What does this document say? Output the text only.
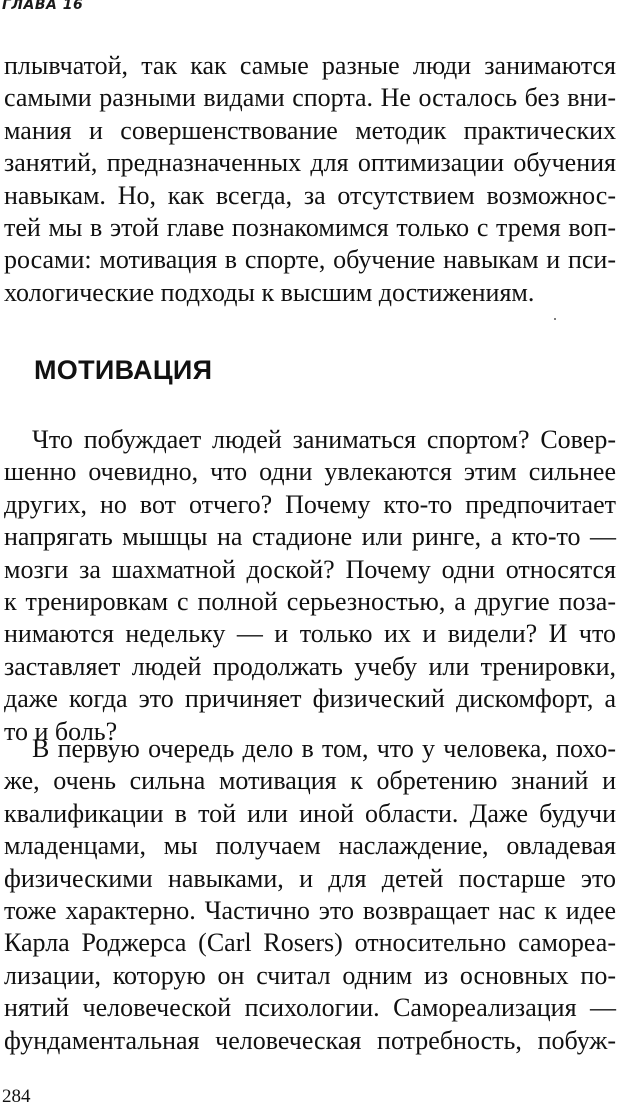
ГЛАВА 16
плывчатой, так как самые разные люди занимаются
самыми разными видами спорта. Не осталось без вни-
мания и совершенствование методик практических
занятий, предназначенных для оптимизации обучения
навыкам. Но, как всегда, за отсутствием возможнос-
тей мы в этой главе познакомимся только с тремя воп-
росами: мотивация в спорте, обучение навыкам и пси-
хологические подходы к высшим достижениям.
МОТИВАЦИЯ
Что побуждает людей заниматься спортом? Совер-
шенно очевидно, что одни увлекаются этим сильнее
других, но вот отчего? Почему кто-то предпочитает
напрягать мышцы на стадионе или ринге, а кто-то —
мозги за шахматной доской? Почему одни относятся
к тренировкам с полной серьезностью, а другие поза-
нимаются недельку — и только их и видели? И что
заставляет людей продолжать учебу или тренировки,
даже когда это причиняет физический дискомфорт, а
то и боль?
В первую очередь дело в том, что у человека, похо-
же, очень сильна мотивация к обретению знаний и
квалификации в той или иной области. Даже будучи
младенцами, мы получаем наслаждение, овладевая
физическими навыками, и для детей постарше это
тоже характерно. Частично это возвращает нас к идее
Карла Роджерса (Carl Rosers) относительно самореа-
лизации, которую он считал одним из основных по-
нятий человеческой психологии. Самореализация —
фундаментальная человеческая потребность, побуж-
284
